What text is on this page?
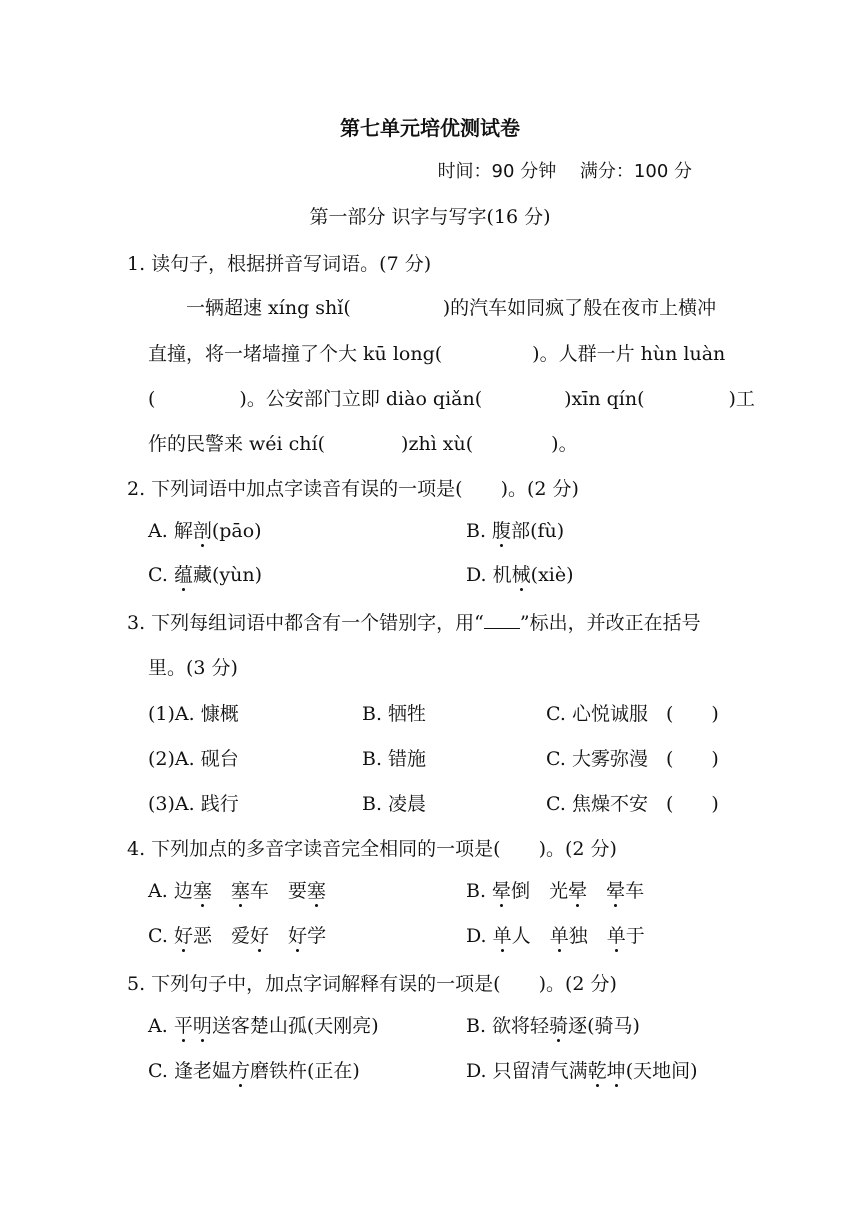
第七单元培优测试卷
时间：90 分钟　 满分：100 分
第一部分 识字与写字(16 分)
1. 读句子，根据拼音写词语。(7 分)
一辆超速 xíng shǐ(	)的汽车如同疯了般在夜市上横冲
直撞，将一堵墙撞了个大 kū long(	)。人群一片 hùn luàn
(	)。公安部门立即 diào qiǎn(	)xīn qín(	)工
作的民警来 wéi chí(	)zhì xù(	)。
2. 下列词语中加点字读音有误的一项是(　　)。(2 分)
A. 解剖(pāo)	B. 腹部(fù)
C. 蕴藏(yùn)	D. 机械(xiè)
3. 下列每组词语中都含有一个错别字，用“ ”标出，并改正在括号
里。(3 分)
(1)A. 慷概	B. 牺牲	C. 心悦诚服 (　　)
(2)A. 砚台	B. 错施	C. 大雾弥漫 (　　)
(3)A. 践行	B. 凌晨	C. 焦燥不安 (　　)
4. 下列加点的多音字读音完全相同的一项是(　　)。(2 分)
A. 边塞　 塞车　 要塞	B. 晕倒　 光晕　 晕车
C. 好恶　 爱好　 好学	D. 单人　 单独　 单于
5. 下列句子中，加点字词解释有误的一项是(　　)。(2 分)
A. 平明送客楚山孤(天刚亮)	B. 欲将轻骑逐(骑马)
C. 逢老媪方磨铁杵(正在)	D. 只留清气满乾坤(天地间)
